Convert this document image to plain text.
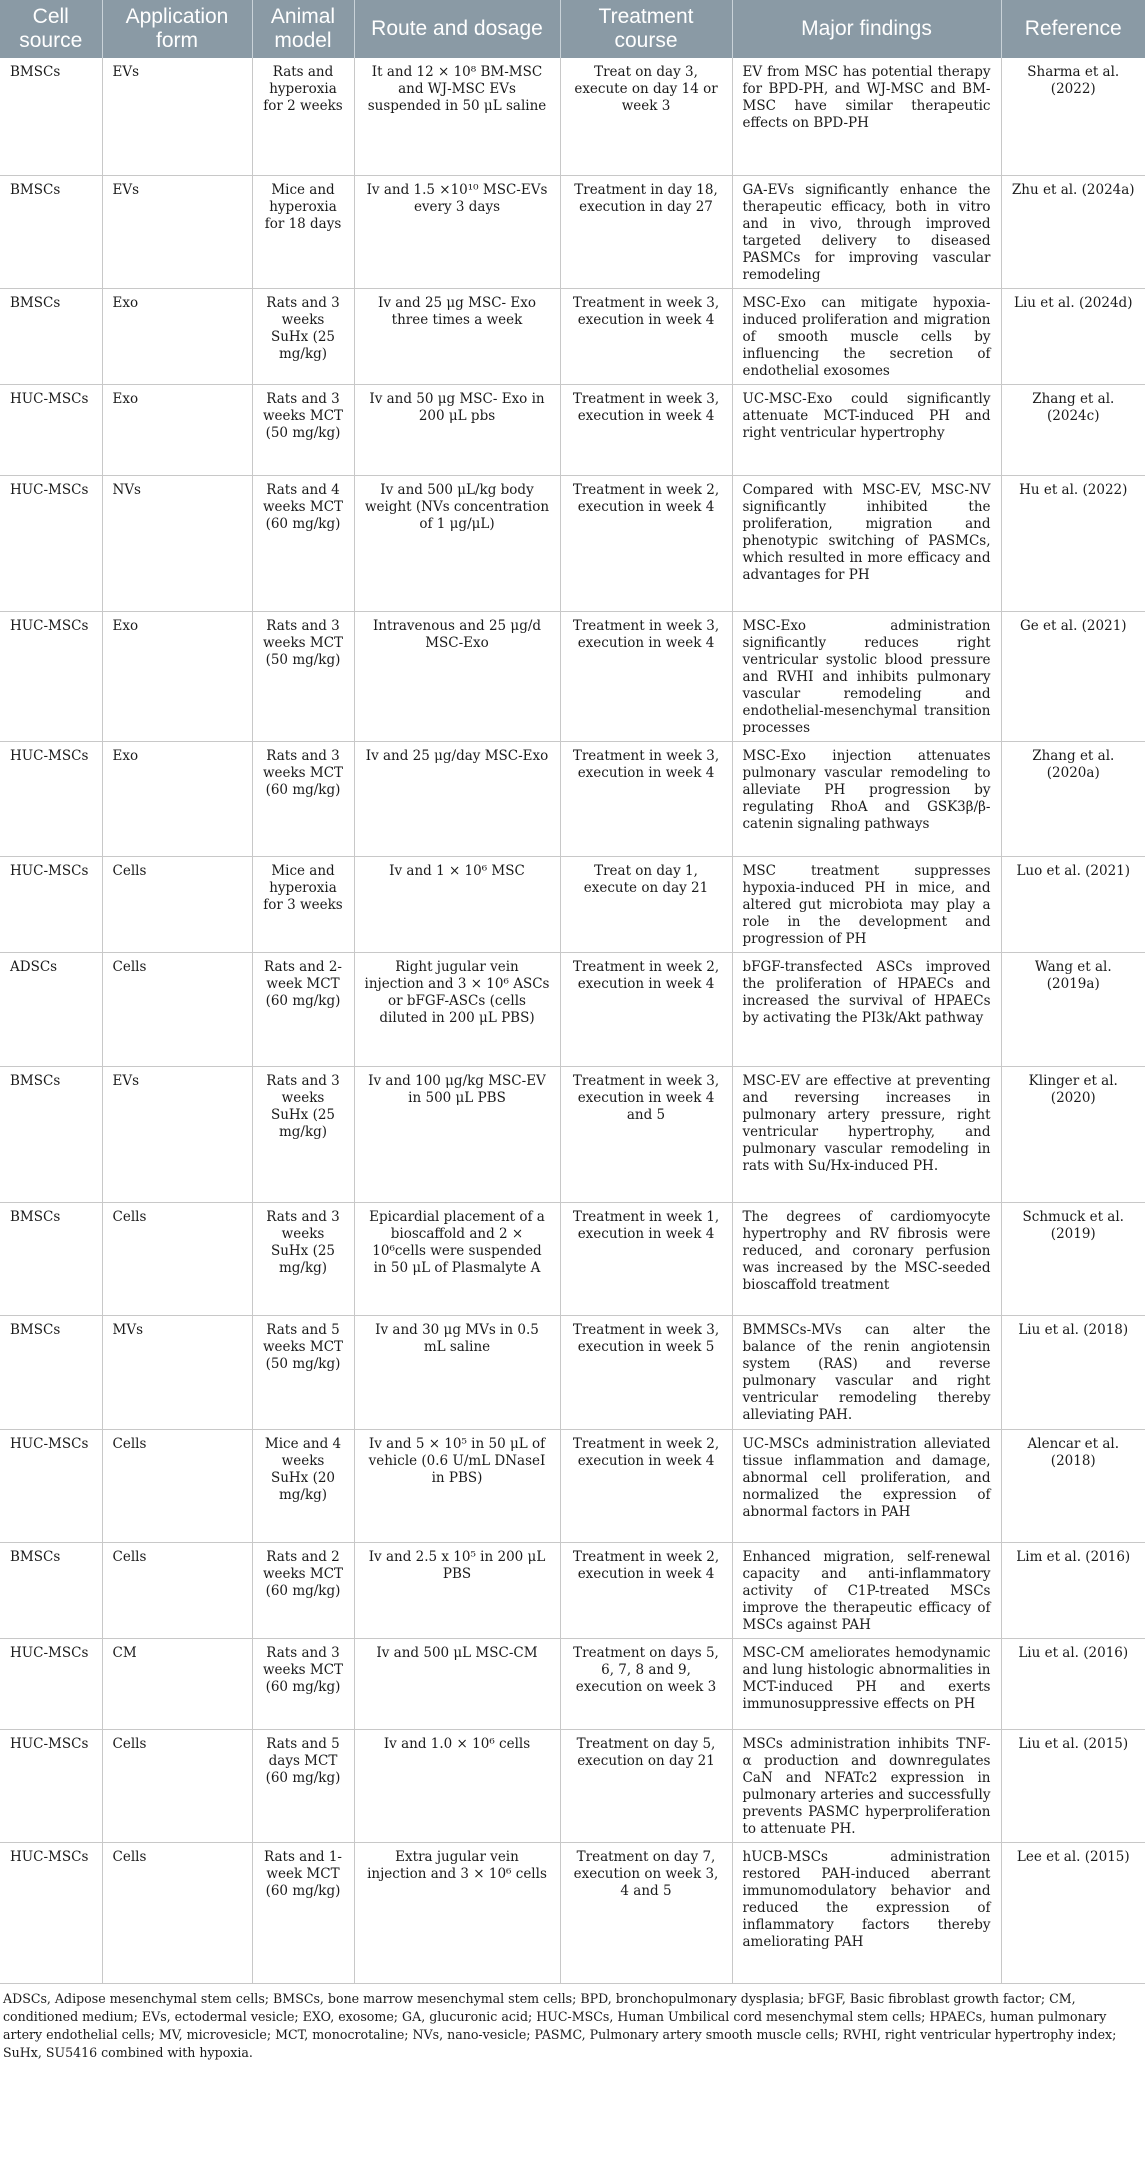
Cell source	Application form	Animal model	Route and dosage	Treatment course	Major findings	Reference
BMSCs	EVs	Rats and hyperoxia for 2 weeks	It and 12 × 10⁸ BM-MSC and WJ-MSC EVs suspended in 50 μL saline	Treat on day 3, execute on day 14 or week 3	EV from MSC has potential therapy for BPD-PH, and WJ-MSC and BM-MSC have similar therapeutic effects on BPD-PH	Sharma et al. (2022)
BMSCs	EVs	Mice and hyperoxia for 18 days	Iv and 1.5 ×10¹⁰ MSC-EVs every 3 days	Treatment in day 18, execution in day 27	GA-EVs significantly enhance the therapeutic efficacy, both in vitro and in vivo, through improved targeted delivery to diseased PASMCs for improving vascular remodeling	Zhu et al. (2024a)
BMSCs	Exo	Rats and 3 weeks SuHx (25 mg/kg)	Iv and 25 μg MSC- Exo three times a week	Treatment in week 3, execution in week 4	MSC-Exo can mitigate hypoxia-induced proliferation and migration of smooth muscle cells by influencing the secretion of endothelial exosomes	Liu et al. (2024d)
HUC-MSCs	Exo	Rats and 3 weeks MCT (50 mg/kg)	Iv and 50 μg MSC- Exo in 200 μL pbs	Treatment in week 3, execution in week 4	UC-MSC-Exo could significantly attenuate MCT-induced PH and right ventricular hypertrophy	Zhang et al. (2024c)
HUC-MSCs	NVs	Rats and 4 weeks MCT (60 mg/kg)	Iv and 500 μL/kg body weight (NVs concentration of 1 μg/μL)	Treatment in week 2, execution in week 4	Compared with MSC-EV, MSC-NV significantly inhibited the proliferation, migration and phenotypic switching of PASMCs, which resulted in more efficacy and advantages for PH	Hu et al. (2022)
HUC-MSCs	Exo	Rats and 3 weeks MCT (50 mg/kg)	Intravenous and 25 μg/d MSC-Exo	Treatment in week 3, execution in week 4	MSC-Exo administration significantly reduces right ventricular systolic blood pressure and RVHI and inhibits pulmonary vascular remodeling and endothelial-mesenchymal transition processes	Ge et al. (2021)
HUC-MSCs	Exo	Rats and 3 weeks MCT (60 mg/kg)	Iv and 25 μg/day MSC-Exo	Treatment in week 3, execution in week 4	MSC-Exo injection attenuates pulmonary vascular remodeling to alleviate PH progression by regulating RhoA and GSK3β/β-catenin signaling pathways	Zhang et al. (2020a)
HUC-MSCs	Cells	Mice and hyperoxia for 3 weeks	Iv and 1 × 10⁶ MSC	Treat on day 1, execute on day 21	MSC treatment suppresses hypoxia-induced PH in mice, and altered gut microbiota may play a role in the development and progression of PH	Luo et al. (2021)
ADSCs	Cells	Rats and 2-week MCT (60 mg/kg)	Right jugular vein injection and 3 × 10⁶ ASCs or bFGF-ASCs (cells diluted in 200 μL PBS)	Treatment in week 2, execution in week 4	bFGF-transfected ASCs improved the proliferation of HPAECs and increased the survival of HPAECs by activating the PI3k/Akt pathway	Wang et al. (2019a)
BMSCs	EVs	Rats and 3 weeks SuHx (25 mg/kg)	Iv and 100 μg/kg MSC-EV in 500 μL PBS	Treatment in week 3, execution in week 4 and 5	MSC-EV are effective at preventing and reversing increases in pulmonary artery pressure, right ventricular hypertrophy, and pulmonary vascular remodeling in rats with Su/Hx-induced PH.	Klinger et al. (2020)
BMSCs	Cells	Rats and 3 weeks SuHx (25 mg/kg)	Epicardial placement of a bioscaffold and 2 × 10⁶cells were suspended in 50 μL of Plasmalyte A	Treatment in week 1, execution in week 4	The degrees of cardiomyocyte hypertrophy and RV fibrosis were reduced, and coronary perfusion was increased by the MSC-seeded bioscaffold treatment	Schmuck et al. (2019)
BMSCs	MVs	Rats and 5 weeks MCT (50 mg/kg)	Iv and 30 μg MVs in 0.5 mL saline	Treatment in week 3, execution in week 5	BMMSCs-MVs can alter the balance of the renin angiotensin system (RAS) and reverse pulmonary vascular and right ventricular remodeling thereby alleviating PAH.	Liu et al. (2018)
HUC-MSCs	Cells	Mice and 4 weeks SuHx (20 mg/kg)	Iv and 5 × 10⁵ in 50 μL of vehicle (0.6 U/mL DNaseI in PBS)	Treatment in week 2, execution in week 4	UC-MSCs administration alleviated tissue inflammation and damage, abnormal cell proliferation, and normalized the expression of abnormal factors in PAH	Alencar et al. (2018)
BMSCs	Cells	Rats and 2 weeks MCT (60 mg/kg)	Iv and 2.5 x 10⁵ in 200 μL PBS	Treatment in week 2, execution in week 4	Enhanced migration, self-renewal capacity and anti-inflammatory activity of C1P-treated MSCs improve the therapeutic efficacy of MSCs against PAH	Lim et al. (2016)
HUC-MSCs	CM	Rats and 3 weeks MCT (60 mg/kg)	Iv and 500 μL MSC-CM	Treatment on days 5, 6, 7, 8 and 9, execution on week 3	MSC-CM ameliorates hemodynamic and lung histologic abnormalities in MCT-induced PH and exerts immunosuppressive effects on PH	Liu et al. (2016)
HUC-MSCs	Cells	Rats and 5 days MCT (60 mg/kg)	Iv and 1.0 × 10⁶ cells	Treatment on day 5, execution on day 21	MSCs administration inhibits TNF-α production and downregulates CaN and NFATc2 expression in pulmonary arteries and successfully prevents PASMC hyperproliferation to attenuate PH.	Liu et al. (2015)
HUC-MSCs	Cells	Rats and 1-week MCT (60 mg/kg)	Extra jugular vein injection and 3 × 10⁶ cells	Treatment on day 7, execution on week 3, 4 and 5	hUCB-MSCs administration restored PAH-induced aberrant immunomodulatory behavior and reduced the expression of inflammatory factors thereby ameliorating PAH	Lee et al. (2015)
ADSCs, Adipose mesenchymal stem cells; BMSCs, bone marrow mesenchymal stem cells; BPD, bronchopulmonary dysplasia; bFGF, Basic fibroblast growth factor; CM, conditioned medium; EVs, ectodermal vesicle; EXO, exosome; GA, glucuronic acid; HUC-MSCs, Human Umbilical cord mesenchymal stem cells; HPAECs, human pulmonary artery endothelial cells; MV, microvesicle; MCT, monocrotaline; NVs, nano-vesicle; PASMC, Pulmonary artery smooth muscle cells; RVHI, right ventricular hypertrophy index; SuHx, SU5416 combined with hypoxia.
